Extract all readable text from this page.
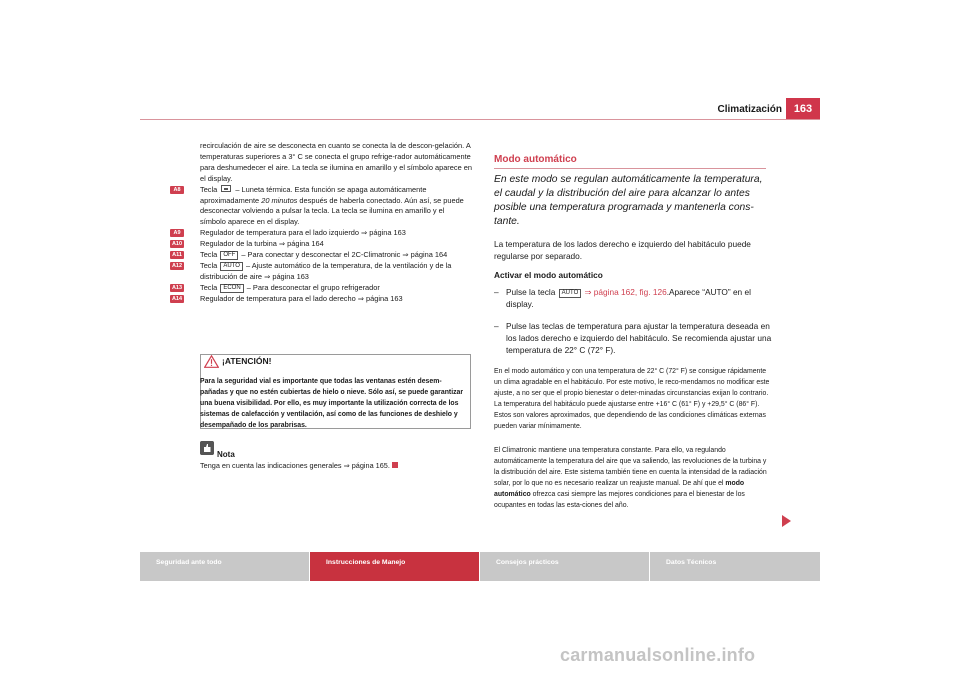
Climatización	163
recirculación de aire se desconecta en cuanto se conecta la de descon-gelación. A temperaturas superiores a 3° C se conecta el grupo refrige-rador automáticamente para deshumedecer el aire. La tecla se ilumina en amarillo y el símbolo aparece en el display.
A8	Tecla – Luneta térmica. Esta función se apaga automáticamente aproximadamente 20 minutos después de haberla conectado. Aún así, se puede desconectar volviendo a pulsar la tecla. La tecla se ilumina en amarillo y el símbolo aparece en el display.
A9	Regulador de temperatura para el lado izquierdo ⇒ página 163
A10 Regulador de la turbina ⇒ página 164
A11 Tecla OFF – Para conectar y desconectar el 2C-Climatronic ⇒ página 164
A12 Tecla AUTO – Ajuste automático de la temperatura, de la ventilación y de la distribución de aire ⇒ página 163
A13 Tecla ECON – Para desconectar el grupo refrigerador
A14 Regulador de temperatura para el lado derecho ⇒ página 163
¡ATENCIÓN!
Para la seguridad vial es importante que todas las ventanas estén desem-pañadas y que no estén cubiertas de hielo o nieve. Sólo así, se puede garantizar una buena visibilidad. Por ello, es muy importante la utilización correcta de los sistemas de calefacción y ventilación, así como de las funciones de deshielo y desempañado de los parabrisas.
Nota
Tenga en cuenta las indicaciones generales ⇒ página 165.
Modo automático
En este modo se regulan automáticamente la temperatura, el caudal y la distribución del aire para alcanzar lo antes posible una temperatura programada y mantenerla cons-tante.
La temperatura de los lados derecho e izquierdo del habitáculo puede regularse por separado.
Activar el modo automático
– Pulse la tecla AUTO ⇒ página 162, fig. 126.Aparece “AUTO” en el display.
– Pulse las teclas de temperatura para ajustar la temperatura deseada en los lados derecho e izquierdo del habitáculo. Se recomienda ajustar una temperatura de 22° C (72° F).
En el modo automático y con una temperatura de 22° C (72° F) se consigue rápidamente un clima agradable en el habitáculo. Por este motivo, le reco-mendamos no modificar este ajuste, a no ser que el propio bienestar o deter-minadas circunstancias exijan lo contrario. La temperatura del habitáculo puede ajustarse entre +16° C (61° F) y +29,5° C (86° F). Estos son valores aproximados, que dependiendo de las condiciones climáticas externas pueden variar mínimamente.
El Climatronic mantiene una temperatura constante. Para ello, va regulando automáticamente la temperatura del aire que va saliendo, las revoluciones de la turbina y la distribución del aire. Este sistema también tiene en cuenta la intensidad de la radiación solar, por lo que no es necesario realizar un reajuste manual. De ahí que el modo automático ofrezca casi siempre las mejores condiciones para el bienestar de los ocupantes en todas las esta-ciones del año.
Seguridad ante todo	Instrucciones de Manejo	Consejos prácticos	Datos Técnicos
carmanualsonline.info
